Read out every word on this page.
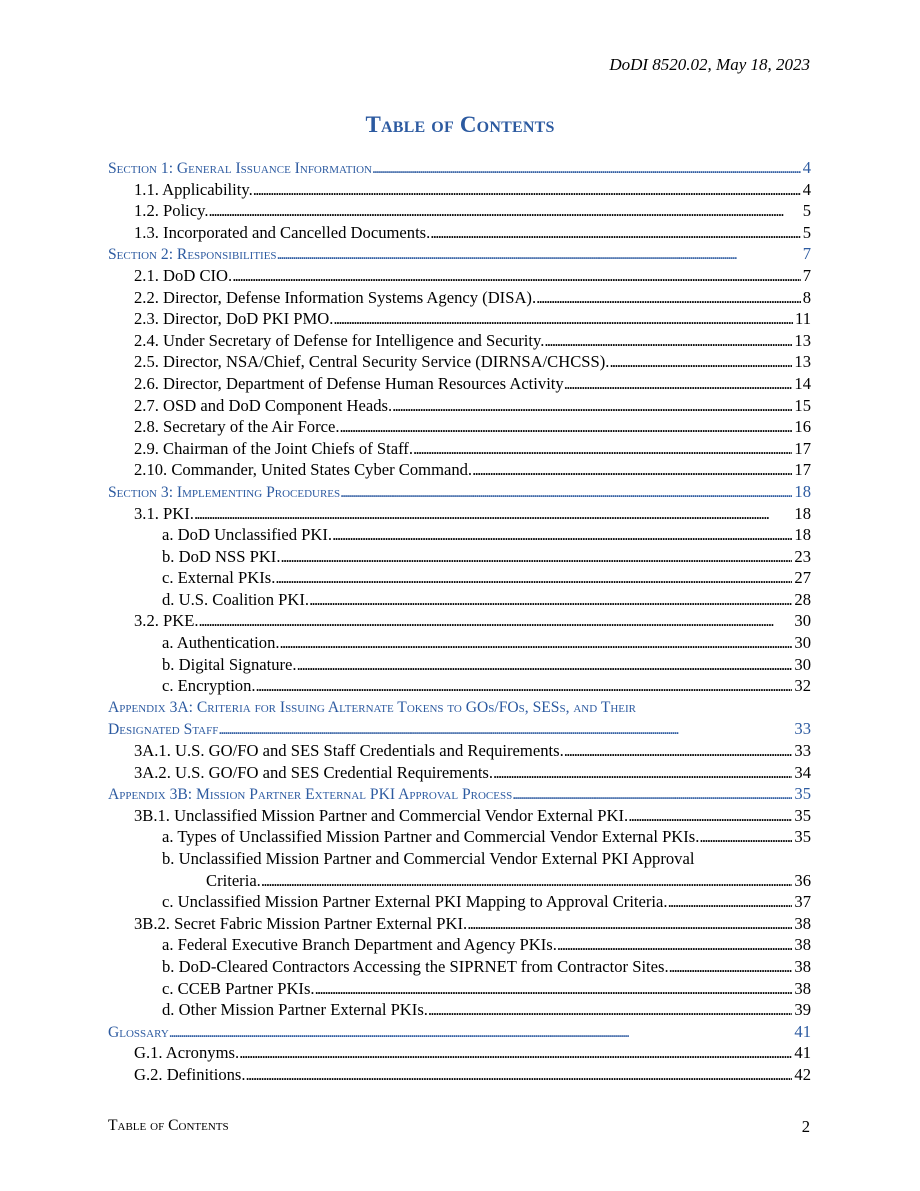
DoDI 8520.02, May 18, 2023
Table of Contents
Section 1: General Issuance Information . . .	4
1.1. Applicability. . . .	4
1.2. Policy. . . .	5
1.3. Incorporated and Cancelled Documents. . . .	5
Section 2: Responsibilities . . .	7
2.1. DoD CIO. . . .	7
2.2. Director, Defense Information Systems Agency (DISA). . . .	8
2.3. Director, DoD PKI PMO. . . .	11
2.4. Under Secretary of Defense for Intelligence and Security. . . .	13
2.5. Director, NSA/Chief, Central Security Service (DIRNSA/CHCSS). . . .	13
2.6. Director, Department of Defense Human Resources Activity . . .	14
2.7. OSD and DoD Component Heads. . . .	15
2.8. Secretary of the Air Force. . . .	16
2.9. Chairman of the Joint Chiefs of Staff. . . .	17
2.10. Commander, United States Cyber Command. . . .	17
Section 3: Implementing Procedures . . .	18
3.1. PKI. . . .	18
a. DoD Unclassified PKI. . . .	18
b. DoD NSS PKI. . . .	23
c. External PKIs. . . .	27
d. U.S. Coalition PKI. . . .	28
3.2. PKE. . . .	30
a. Authentication. . . .	30
b. Digital Signature. . . .	30
c. Encryption. . . .	32
Appendix 3A: Criteria for Issuing Alternate Tokens to GOs/FOs, SESs, and Their
Designated Staff . . .	33
3A.1. U.S. GO/FO and SES Staff Credentials and Requirements. . . .	33
3A.2. U.S. GO/FO and SES Credential Requirements. . . .	34
Appendix 3B: Mission Partner External PKI Approval Process . . .	35
3B.1. Unclassified Mission Partner and Commercial Vendor External PKI. . . .	35
a. Types of Unclassified Mission Partner and Commercial Vendor External PKIs. . . .	35
b. Unclassified Mission Partner and Commercial Vendor External PKI Approval
Criteria. . . .	36
c. Unclassified Mission Partner External PKI Mapping to Approval Criteria. . . .	37
3B.2. Secret Fabric Mission Partner External PKI. . . .	38
a. Federal Executive Branch Department and Agency PKIs. . . .	38
b. DoD-Cleared Contractors Accessing the SIPRNET from Contractor Sites. . . .	38
c. CCEB Partner PKIs. . . .	38
d. Other Mission Partner External PKIs. . . .	39
Glossary . . .	41
G.1. Acronyms. . . .	41
G.2. Definitions. . . .	42
Table of Contents	2
